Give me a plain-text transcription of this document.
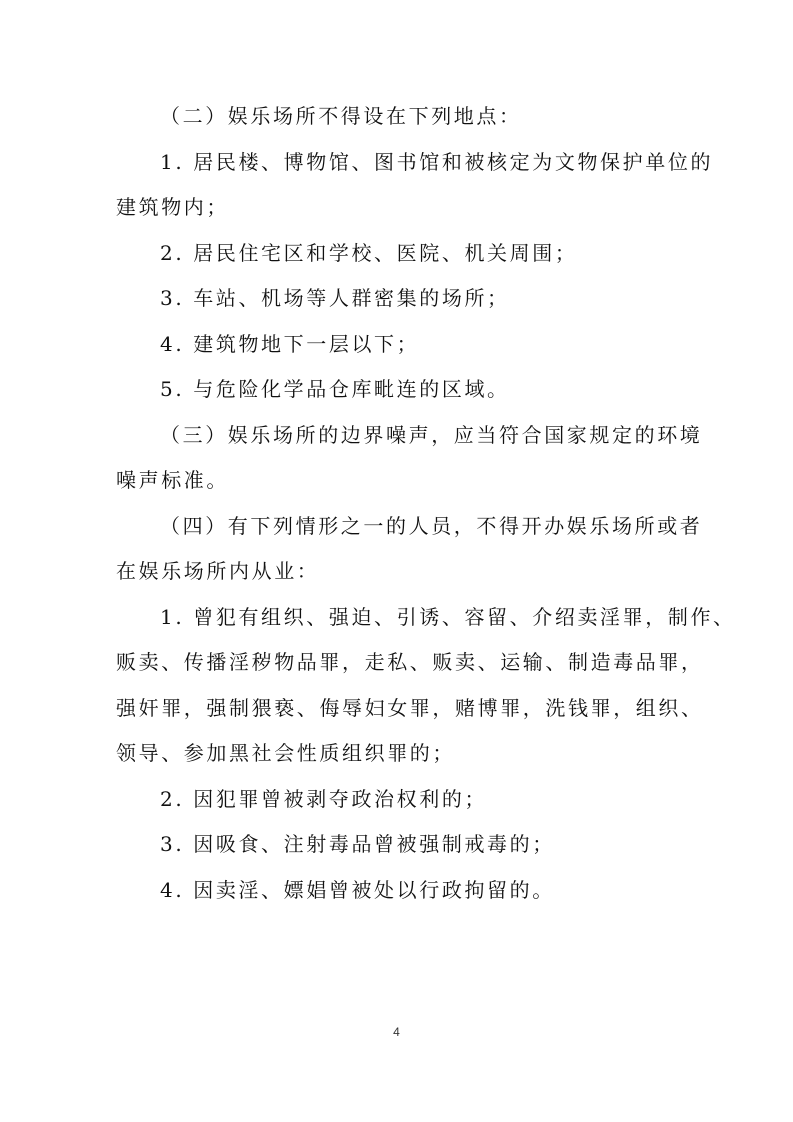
（二）娱乐场所不得设在下列地点：
1. 居民楼、博物馆、图书馆和被核定为文物保护单位的
建筑物内；
2. 居民住宅区和学校、医院、机关周围；
3. 车站、机场等人群密集的场所；
4. 建筑物地下一层以下；
5. 与危险化学品仓库毗连的区域。
（三）娱乐场所的边界噪声，应当符合国家规定的环境
噪声标准。
（四）有下列情形之一的人员，不得开办娱乐场所或者
在娱乐场所内从业：
1. 曾犯有组织、强迫、引诱、容留、介绍卖淫罪，制作、
贩卖、传播淫秽物品罪，走私、贩卖、运输、制造毒品罪，
强奸罪，强制猥亵、侮辱妇女罪，赌博罪，洗钱罪，组织、
领导、参加黑社会性质组织罪的；
2. 因犯罪曾被剥夺政治权利的；
3. 因吸食、注射毒品曾被强制戒毒的；
4. 因卖淫、嫖娼曾被处以行政拘留的。
4
